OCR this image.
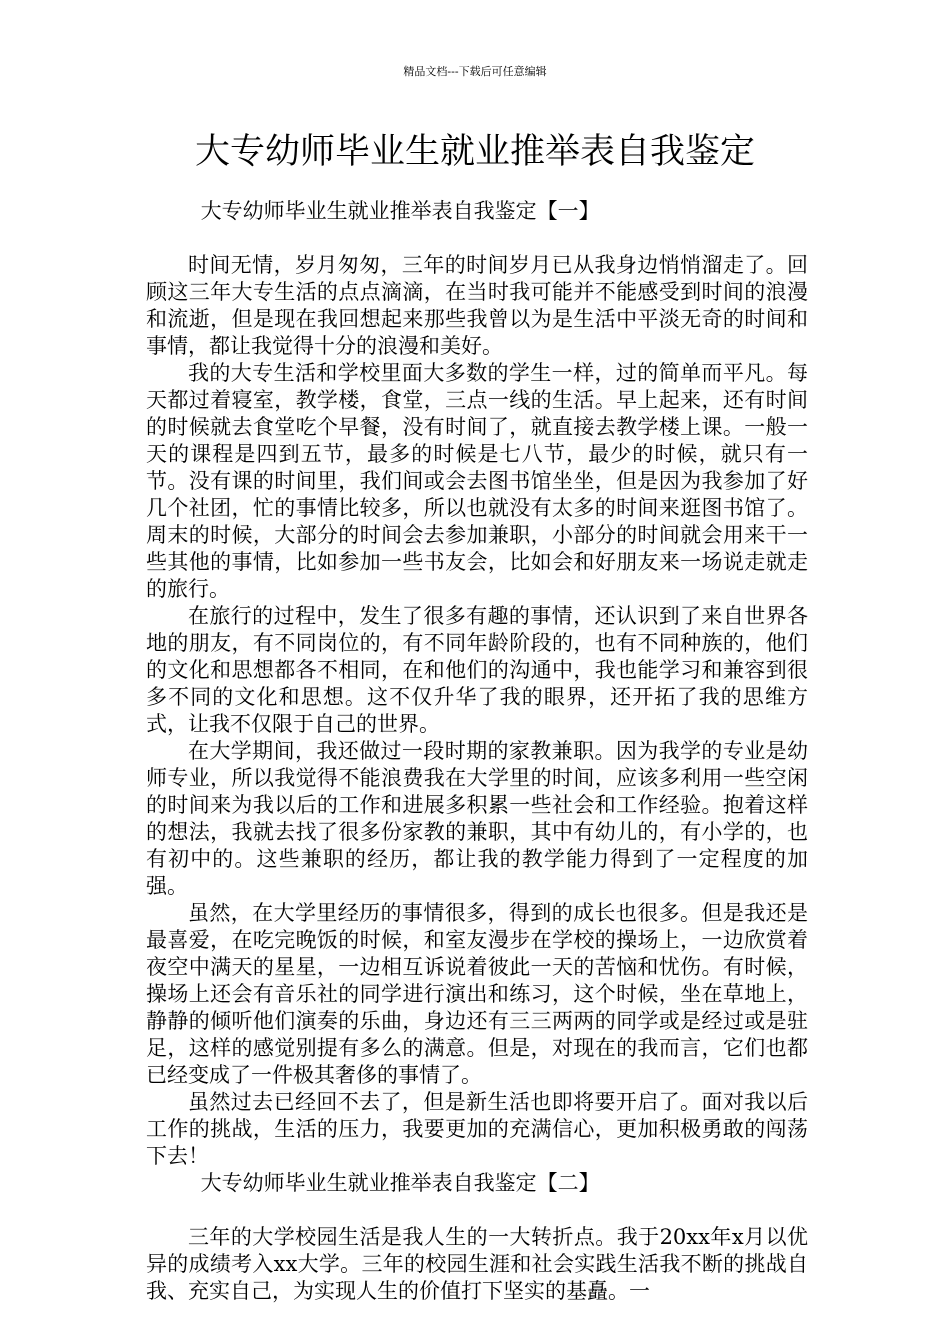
精品文档---下载后可任意编辑
大专幼师毕业生就业推举表自我鉴定

大专幼师毕业生就业推举表自我鉴定【一】

时间无情，岁月匆匆，三年的时间岁月已从我身边悄悄溜走了。回顾这三年大专生活的点点滴滴，在当时我可能并不能感受到时间的浪漫和流逝，但是现在我回想起来那些我曾以为是生活中平淡无奇的时间和事情，都让我觉得十分的浪漫和美好。

我的大专生活和学校里面大多数的学生一样，过的简单而平凡。每天都过着寝室，教学楼，食堂，三点一线的生活。早上起来，还有时间的时候就去食堂吃个早餐，没有时间了，就直接去教学楼上课。一般一天的课程是四到五节，最多的时候是七八节，最少的时候，就只有一节。没有课的时间里，我们间或会去图书馆坐坐，但是因为我参加了好几个社团，忙的事情比较多，所以也就没有太多的时间来逛图书馆了。周末的时候，大部分的时间会去参加兼职，小部分的时间就会用来干一些其他的事情，比如参加一些书友会，比如会和好朋友来一场说走就走的旅行。

在旅行的过程中，发生了很多有趣的事情，还认识到了来自世界各地的朋友，有不同岗位的，有不同年龄阶段的，也有不同种族的，他们的文化和思想都各不相同，在和他们的沟通中，我也能学习和兼容到很多不同的文化和思想。这不仅升华了我的眼界，还开拓了我的思维方式，让我不仅限于自己的世界。

在大学期间，我还做过一段时期的家教兼职。因为我学的专业是幼师专业，所以我觉得不能浪费我在大学里的时间，应该多利用一些空闲的时间来为我以后的工作和进展多积累一些社会和工作经验。抱着这样的想法，我就去找了很多份家教的兼职，其中有幼儿的，有小学的，也有初中的。这些兼职的经历，都让我的教学能力得到了一定程度的加强。

虽然，在大学里经历的事情很多，得到的成长也很多。但是我还是最喜爱，在吃完晚饭的时候，和室友漫步在学校的操场上，一边欣赏着夜空中满天的星星，一边相互诉说着彼此一天的苦恼和忧伤。有时候，操场上还会有音乐社的同学进行演出和练习，这个时候，坐在草地上，静静的倾听他们演奏的乐曲，身边还有三三两两的同学或是经过或是驻足，这样的感觉别提有多么的满意。但是，对现在的我而言，它们也都已经变成了一件极其奢侈的事情了。

虽然过去已经回不去了，但是新生活也即将要开启了。面对我以后工作的挑战，生活的压力，我要更加的充满信心，更加积极勇敢的闯荡下去！

大专幼师毕业生就业推举表自我鉴定【二】

三年的大学校园生活是我人生的一大转折点。我于20xx年x月以优异的成绩考入xx大学。三年的校园生涯和社会实践生活我不断的挑战自我、充实自己，为实现人生的价值打下坚实的基矗。一
